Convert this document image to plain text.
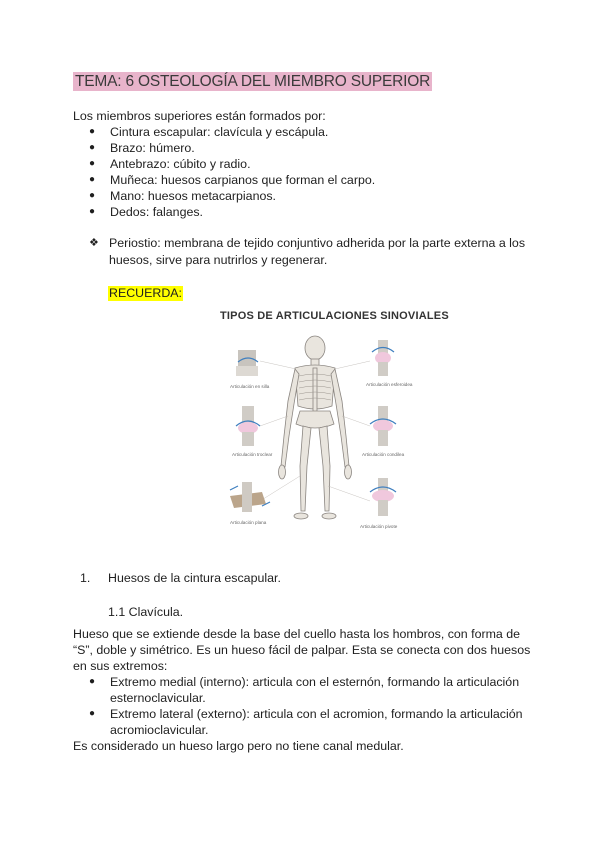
TEMA: 6 OSTEOLOGÍA DEL MIEMBRO SUPERIOR
Los miembros superiores están formados por:
● Cintura escapular: clavícula y escápula.
● Brazo: húmero.
● Antebrazo: cúbito y radio.
● Muñeca: huesos carpianos que forman el carpo.
● Mano: huesos metacarpianos.
● Dedos: falanges.
❖ Periostio: membrana de tejido conjuntivo adherida por la parte externa a los huesos, sirve para nutrirlos y regenerar.
RECUERDA:
TIPOS DE ARTICULACIONES SINOVIALES
Articulación en silla
Articulación troclear
Articulación plana
Articulación esferoidea
Articulación condilea
Articulación pivote
1. Huesos de la cintura escapular.
1.1 Clavícula.
Hueso que se extiende desde la base del cuello hasta los hombros, con forma de “S”, doble y simétrico. Es un hueso fácil de palpar. Esta se conecta con dos huesos en sus extremos:
● Extremo medial (interno): articula con el esternón, formando la articulación esternoclavicular.
● Extremo lateral (externo): articula con el acromion, formando la articulación acromioclavicular.
Es considerado un hueso largo pero no tiene canal medular.
